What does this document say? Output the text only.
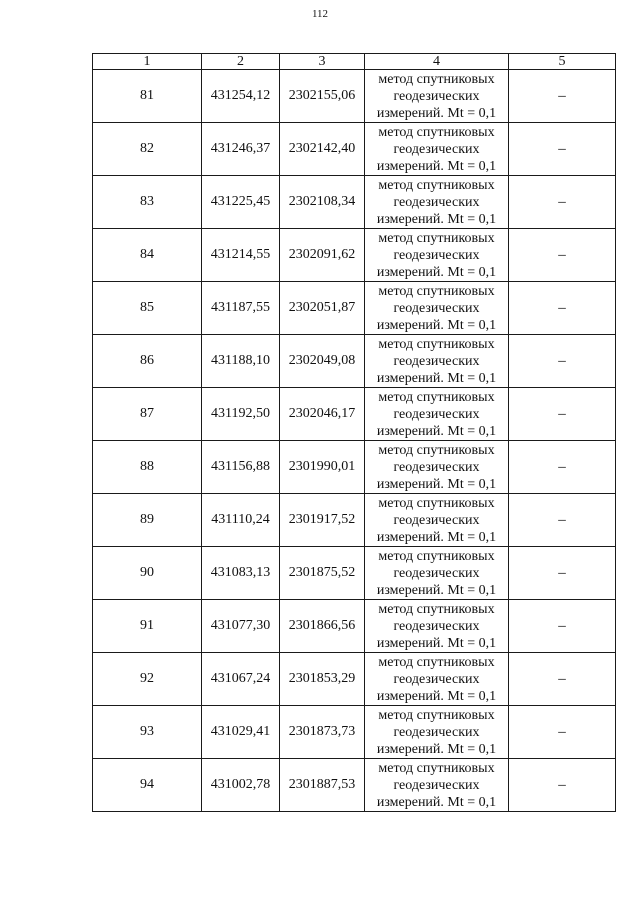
112
1	2	3	4	5
81	431254,12	2302155,06	метод спутниковых
геодезических
измерений. Mt = 0,1	–
82	431246,37	2302142,40	метод спутниковых
геодезических
измерений. Mt = 0,1	–
83	431225,45	2302108,34	метод спутниковых
геодезических
измерений. Mt = 0,1	–
84	431214,55	2302091,62	метод спутниковых
геодезических
измерений. Mt = 0,1	–
85	431187,55	2302051,87	метод спутниковых
геодезических
измерений. Mt = 0,1	–
86	431188,10	2302049,08	метод спутниковых
геодезических
измерений. Mt = 0,1	–
87	431192,50	2302046,17	метод спутниковых
геодезических
измерений. Mt = 0,1	–
88	431156,88	2301990,01	метод спутниковых
геодезических
измерений. Mt = 0,1	–
89	431110,24	2301917,52	метод спутниковых
геодезических
измерений. Mt = 0,1	–
90	431083,13	2301875,52	метод спутниковых
геодезических
измерений. Mt = 0,1	–
91	431077,30	2301866,56	метод спутниковых
геодезических
измерений. Mt = 0,1	–
92	431067,24	2301853,29	метод спутниковых
геодезических
измерений. Mt = 0,1	–
93	431029,41	2301873,73	метод спутниковых
геодезических
измерений. Mt = 0,1	–
94	431002,78	2301887,53	метод спутниковых
геодезических
измерений. Mt = 0,1	–
